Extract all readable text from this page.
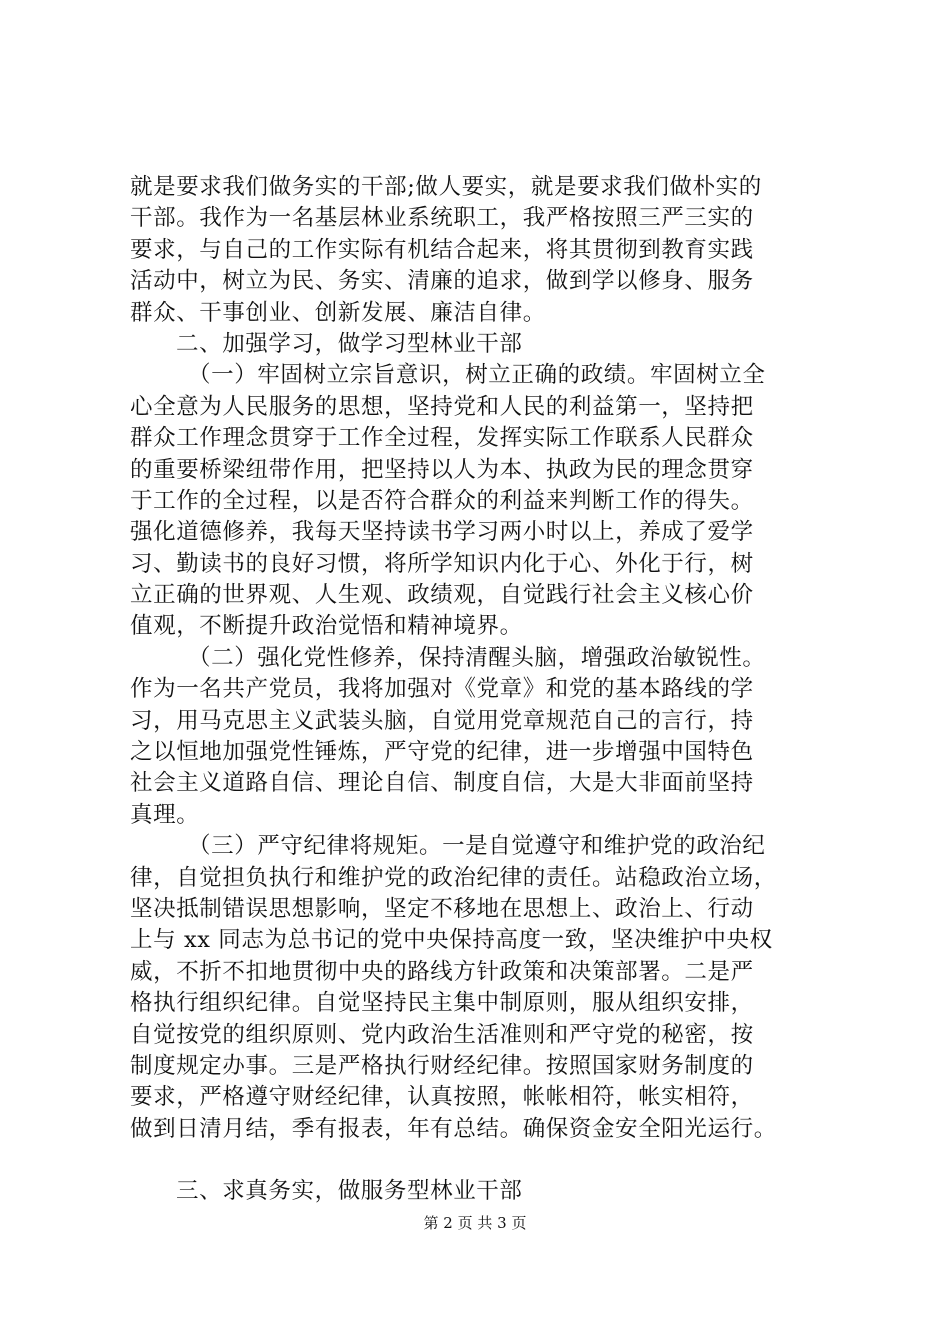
就是要求我们做务实的干部;做人要实，就是要求我们做朴实的
干部。我作为一名基层林业系统职工，我严格按照三严三实的
要求，与自己的工作实际有机结合起来，将其贯彻到教育实践
活动中，树立为民、务实、清廉的追求，做到学以修身、服务
群众、干事创业、创新发展、廉洁自律。
二、加强学习，做学习型林业干部
（一）牢固树立宗旨意识，树立正确的政绩。牢固树立全
心全意为人民服务的思想，坚持党和人民的利益第一，坚持把
群众工作理念贯穿于工作全过程，发挥实际工作联系人民群众
的重要桥梁纽带作用，把坚持以人为本、执政为民的理念贯穿
于工作的全过程，以是否符合群众的利益来判断工作的得失。
强化道德修养，我每天坚持读书学习两小时以上，养成了爱学
习、勤读书的良好习惯，将所学知识内化于心、外化于行，树
立正确的世界观、人生观、政绩观，自觉践行社会主义核心价
值观，不断提升政治觉悟和精神境界。
（二）强化党性修养，保持清醒头脑，增强政治敏锐性。
作为一名共产党员，我将加强对《党章》和党的基本路线的学
习，用马克思主义武装头脑，自觉用党章规范自己的言行，持
之以恒地加强党性锤炼，严守党的纪律，进一步增强中国特色
社会主义道路自信、理论自信、制度自信，大是大非面前坚持
真理。
（三）严守纪律将规矩。一是自觉遵守和维护党的政治纪
律，自觉担负执行和维护党的政治纪律的责任。站稳政治立场，
坚决抵制错误思想影响，坚定不移地在思想上、政治上、行动
上与 xx 同志为总书记的党中央保持高度一致，坚决维护中央权
威，不折不扣地贯彻中央的路线方针政策和决策部署。二是严
格执行组织纪律。自觉坚持民主集中制原则，服从组织安排，
自觉按党的组织原则、党内政治生活准则和严守党的秘密，按
制度规定办事。三是严格执行财经纪律。按照国家财务制度的
要求，严格遵守财经纪律，认真按照，帐帐相符，帐实相符，
做到日清月结，季有报表，年有总结。确保资金安全阳光运行。
三、求真务实，做服务型林业干部
第 2 页 共 3 页
